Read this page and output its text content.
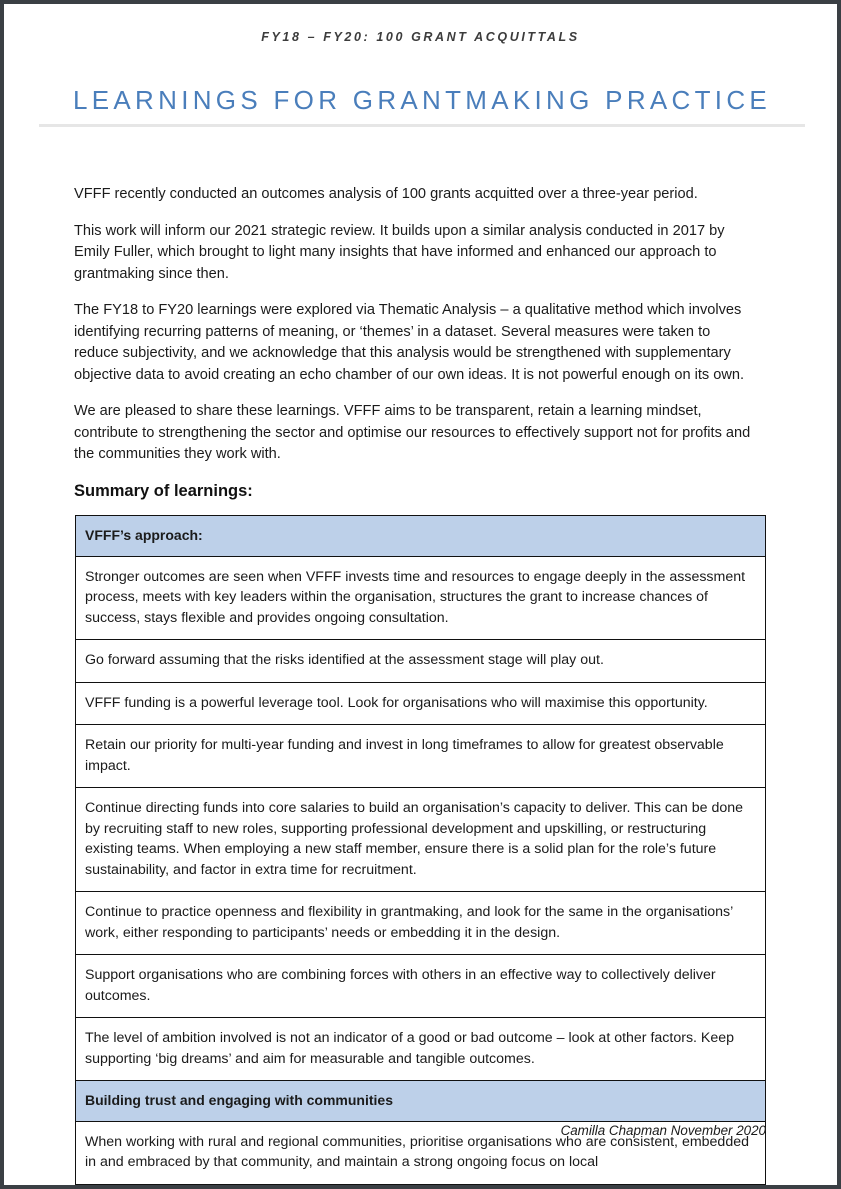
FY18 – FY20: 100 GRANT ACQUITTALS
LEARNINGS FOR GRANTMAKING PRACTICE

VFFF recently conducted an outcomes analysis of 100 grants acquitted over a three-year period.

This work will inform our 2021 strategic review. It builds upon a similar analysis conducted in 2017 by Emily Fuller, which brought to light many insights that have informed and enhanced our approach to grantmaking since then.

The FY18 to FY20 learnings were explored via Thematic Analysis – a qualitative method which involves identifying recurring patterns of meaning, or ‘themes’ in a dataset. Several measures were taken to reduce subjectivity, and we acknowledge that this analysis would be strengthened with supplementary objective data to avoid creating an echo chamber of our own ideas. It is not powerful enough on its own.

We are pleased to share these learnings. VFFF aims to be transparent, retain a learning mindset, contribute to strengthening the sector and optimise our resources to effectively support not for profits and the communities they work with.

Summary of learnings:
VFFF’s approach:
Stronger outcomes are seen when VFFF invests time and resources to engage deeply in the assessment process, meets with key leaders within the organisation, structures the grant to increase chances of success, stays flexible and provides ongoing consultation.
Go forward assuming that the risks identified at the assessment stage will play out.
VFFF funding is a powerful leverage tool. Look for organisations who will maximise this opportunity.
Retain our priority for multi-year funding and invest in long timeframes to allow for greatest observable impact.
Continue directing funds into core salaries to build an organisation’s capacity to deliver. This can be done by recruiting staff to new roles, supporting professional development and upskilling, or restructuring existing teams. When employing a new staff member, ensure there is a solid plan for the role’s future sustainability, and factor in extra time for recruitment.
Continue to practice openness and flexibility in grantmaking, and look for the same in the organisations’ work, either responding to participants’ needs or embedding it in the design.
Support organisations who are combining forces with others in an effective way to collectively deliver outcomes.
The level of ambition involved is not an indicator of a good or bad outcome – look at other factors. Keep supporting ‘big dreams’ and aim for measurable and tangible outcomes.
Building trust and engaging with communities
When working with rural and regional communities, prioritise organisations who are consistent, embedded in and embraced by that community, and maintain a strong ongoing focus on local
Camilla Chapman November 2020
